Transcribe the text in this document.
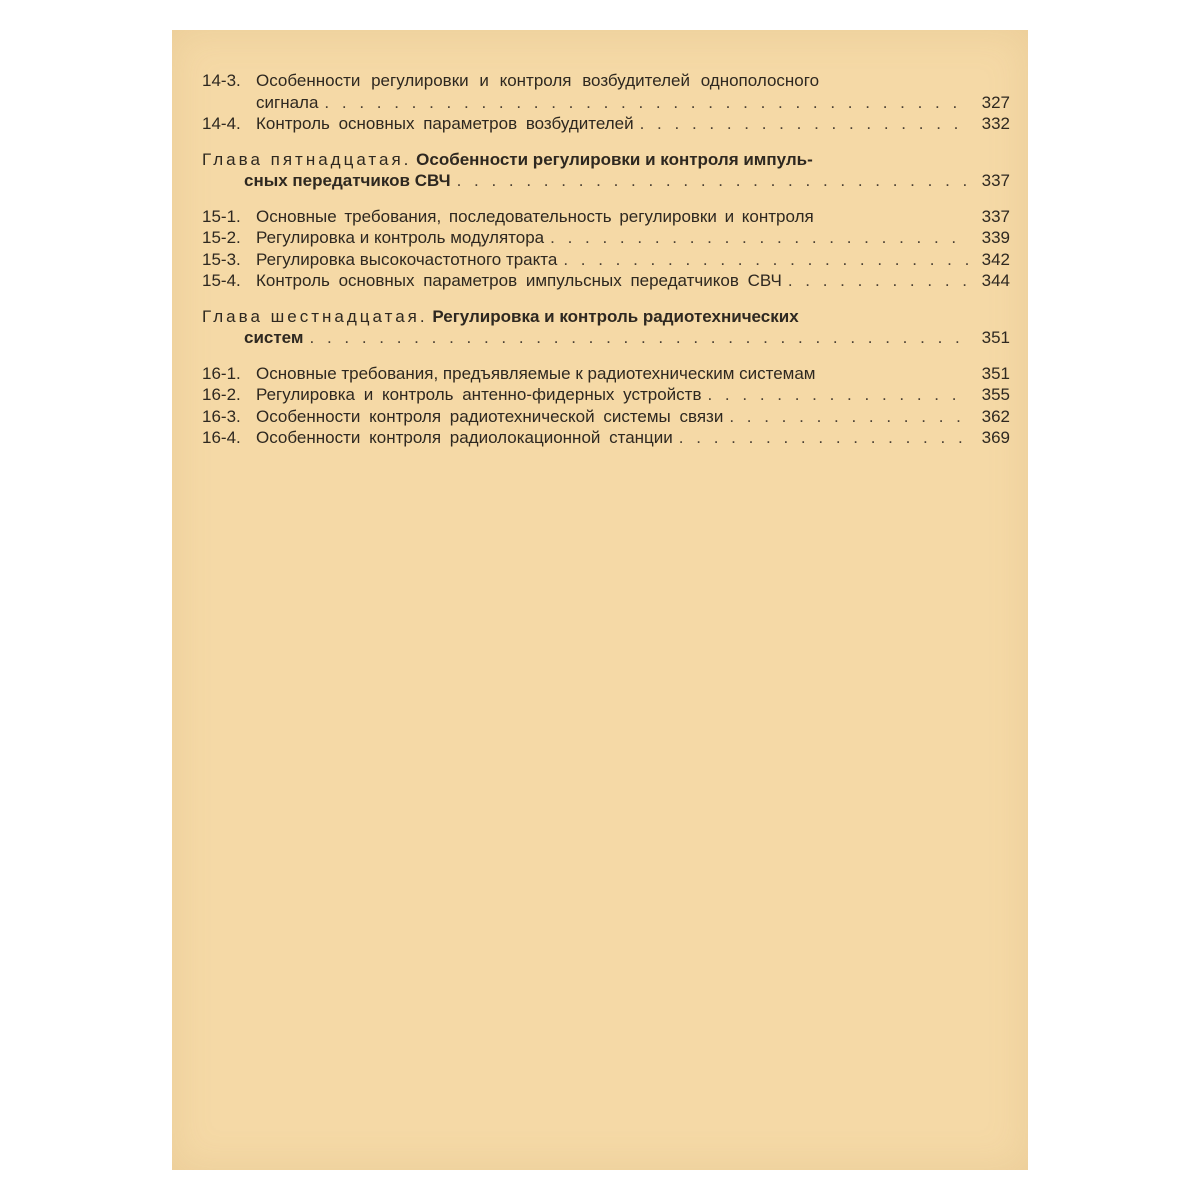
14-3. Особенности регулировки и контроля возбудителей однополосного
сигнала . . .	327
14-4. Контроль основных параметров возбудителей . . .	332
Глава пятнадцатая. Особенности регулировки и контроля импуль-
сных передатчиков СВЧ . . .	337
15-1. Основные требования, последовательность регулировки и контроля	337
15-2. Регулировка и контроль модулятора . . .	339
15-3. Регулировка высокочастотного тракта . . .	342
15-4. Контроль основных параметров импульсных передатчиков СВЧ . . .	344
Глава шестнадцатая. Регулировка и контроль радиотехнических
систем . . .	351
16-1. Основные требования, предъявляемые к радиотехническим системам	351
16-2. Регулировка и контроль антенно-фидерных устройств . . .	355
16-3. Особенности контроля радиотехнической системы связи . . .	362
16-4. Особенности контроля радиолокационной станции . . .	369
